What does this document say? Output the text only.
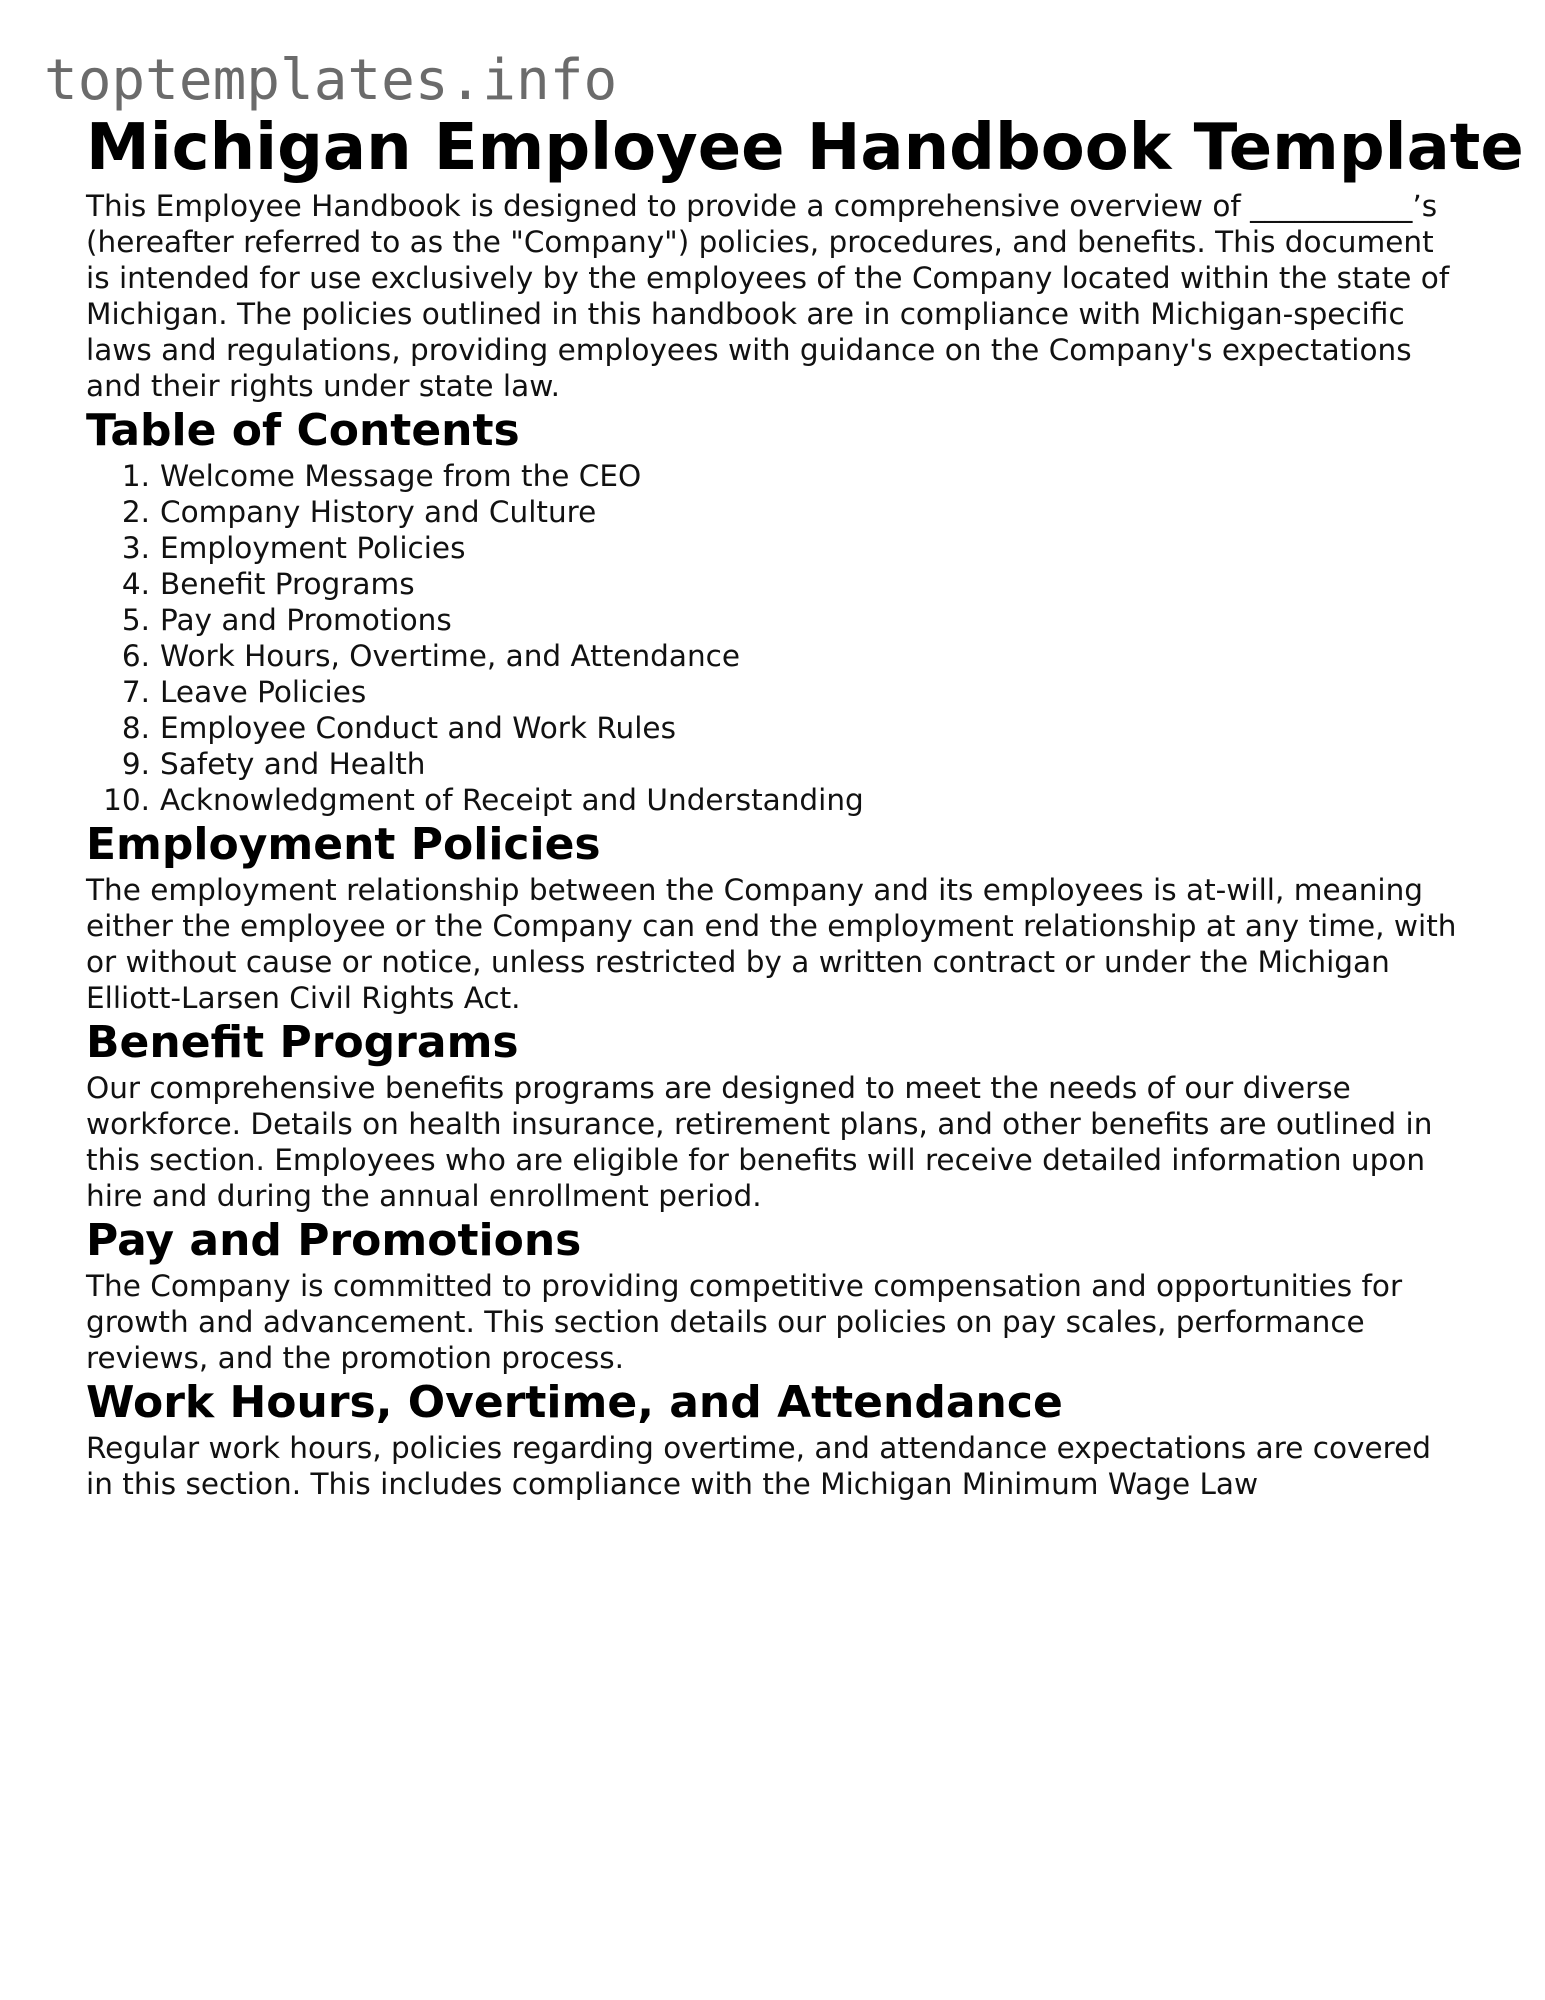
toptemplates.info
Michigan Employee Handbook Template

This Employee Handbook is designed to provide a comprehensive overview of ___________’s (hereafter referred to as the "Company") policies, procedures, and benefits. This document is intended for use exclusively by the employees of the Company located within the state of Michigan. The policies outlined in this handbook are in compliance with Michigan-specific laws and regulations, providing employees with guidance on the Company's expectations and their rights under state law.

Table of Contents
1. Welcome Message from the CEO
2. Company History and Culture
3. Employment Policies
4. Benefit Programs
5. Pay and Promotions
6. Work Hours, Overtime, and Attendance
7. Leave Policies
8. Employee Conduct and Work Rules
9. Safety and Health
10. Acknowledgment of Receipt and Understanding
Employment Policies

The employment relationship between the Company and its employees is at-will, meaning either the employee or the Company can end the employment relationship at any time, with or without cause or notice, unless restricted by a written contract or under the Michigan Elliott-Larsen Civil Rights Act.

Benefit Programs

Our comprehensive benefits programs are designed to meet the needs of our diverse workforce. Details on health insurance, retirement plans, and other benefits are outlined in this section. Employees who are eligible for benefits will receive detailed information upon hire and during the annual enrollment period.

Pay and Promotions

The Company is committed to providing competitive compensation and opportunities for growth and advancement. This section details our policies on pay scales, performance reviews, and the promotion process.

Work Hours, Overtime, and Attendance

Regular work hours, policies regarding overtime, and attendance expectations are covered in this section. This includes compliance with the Michigan Minimum Wage Law
